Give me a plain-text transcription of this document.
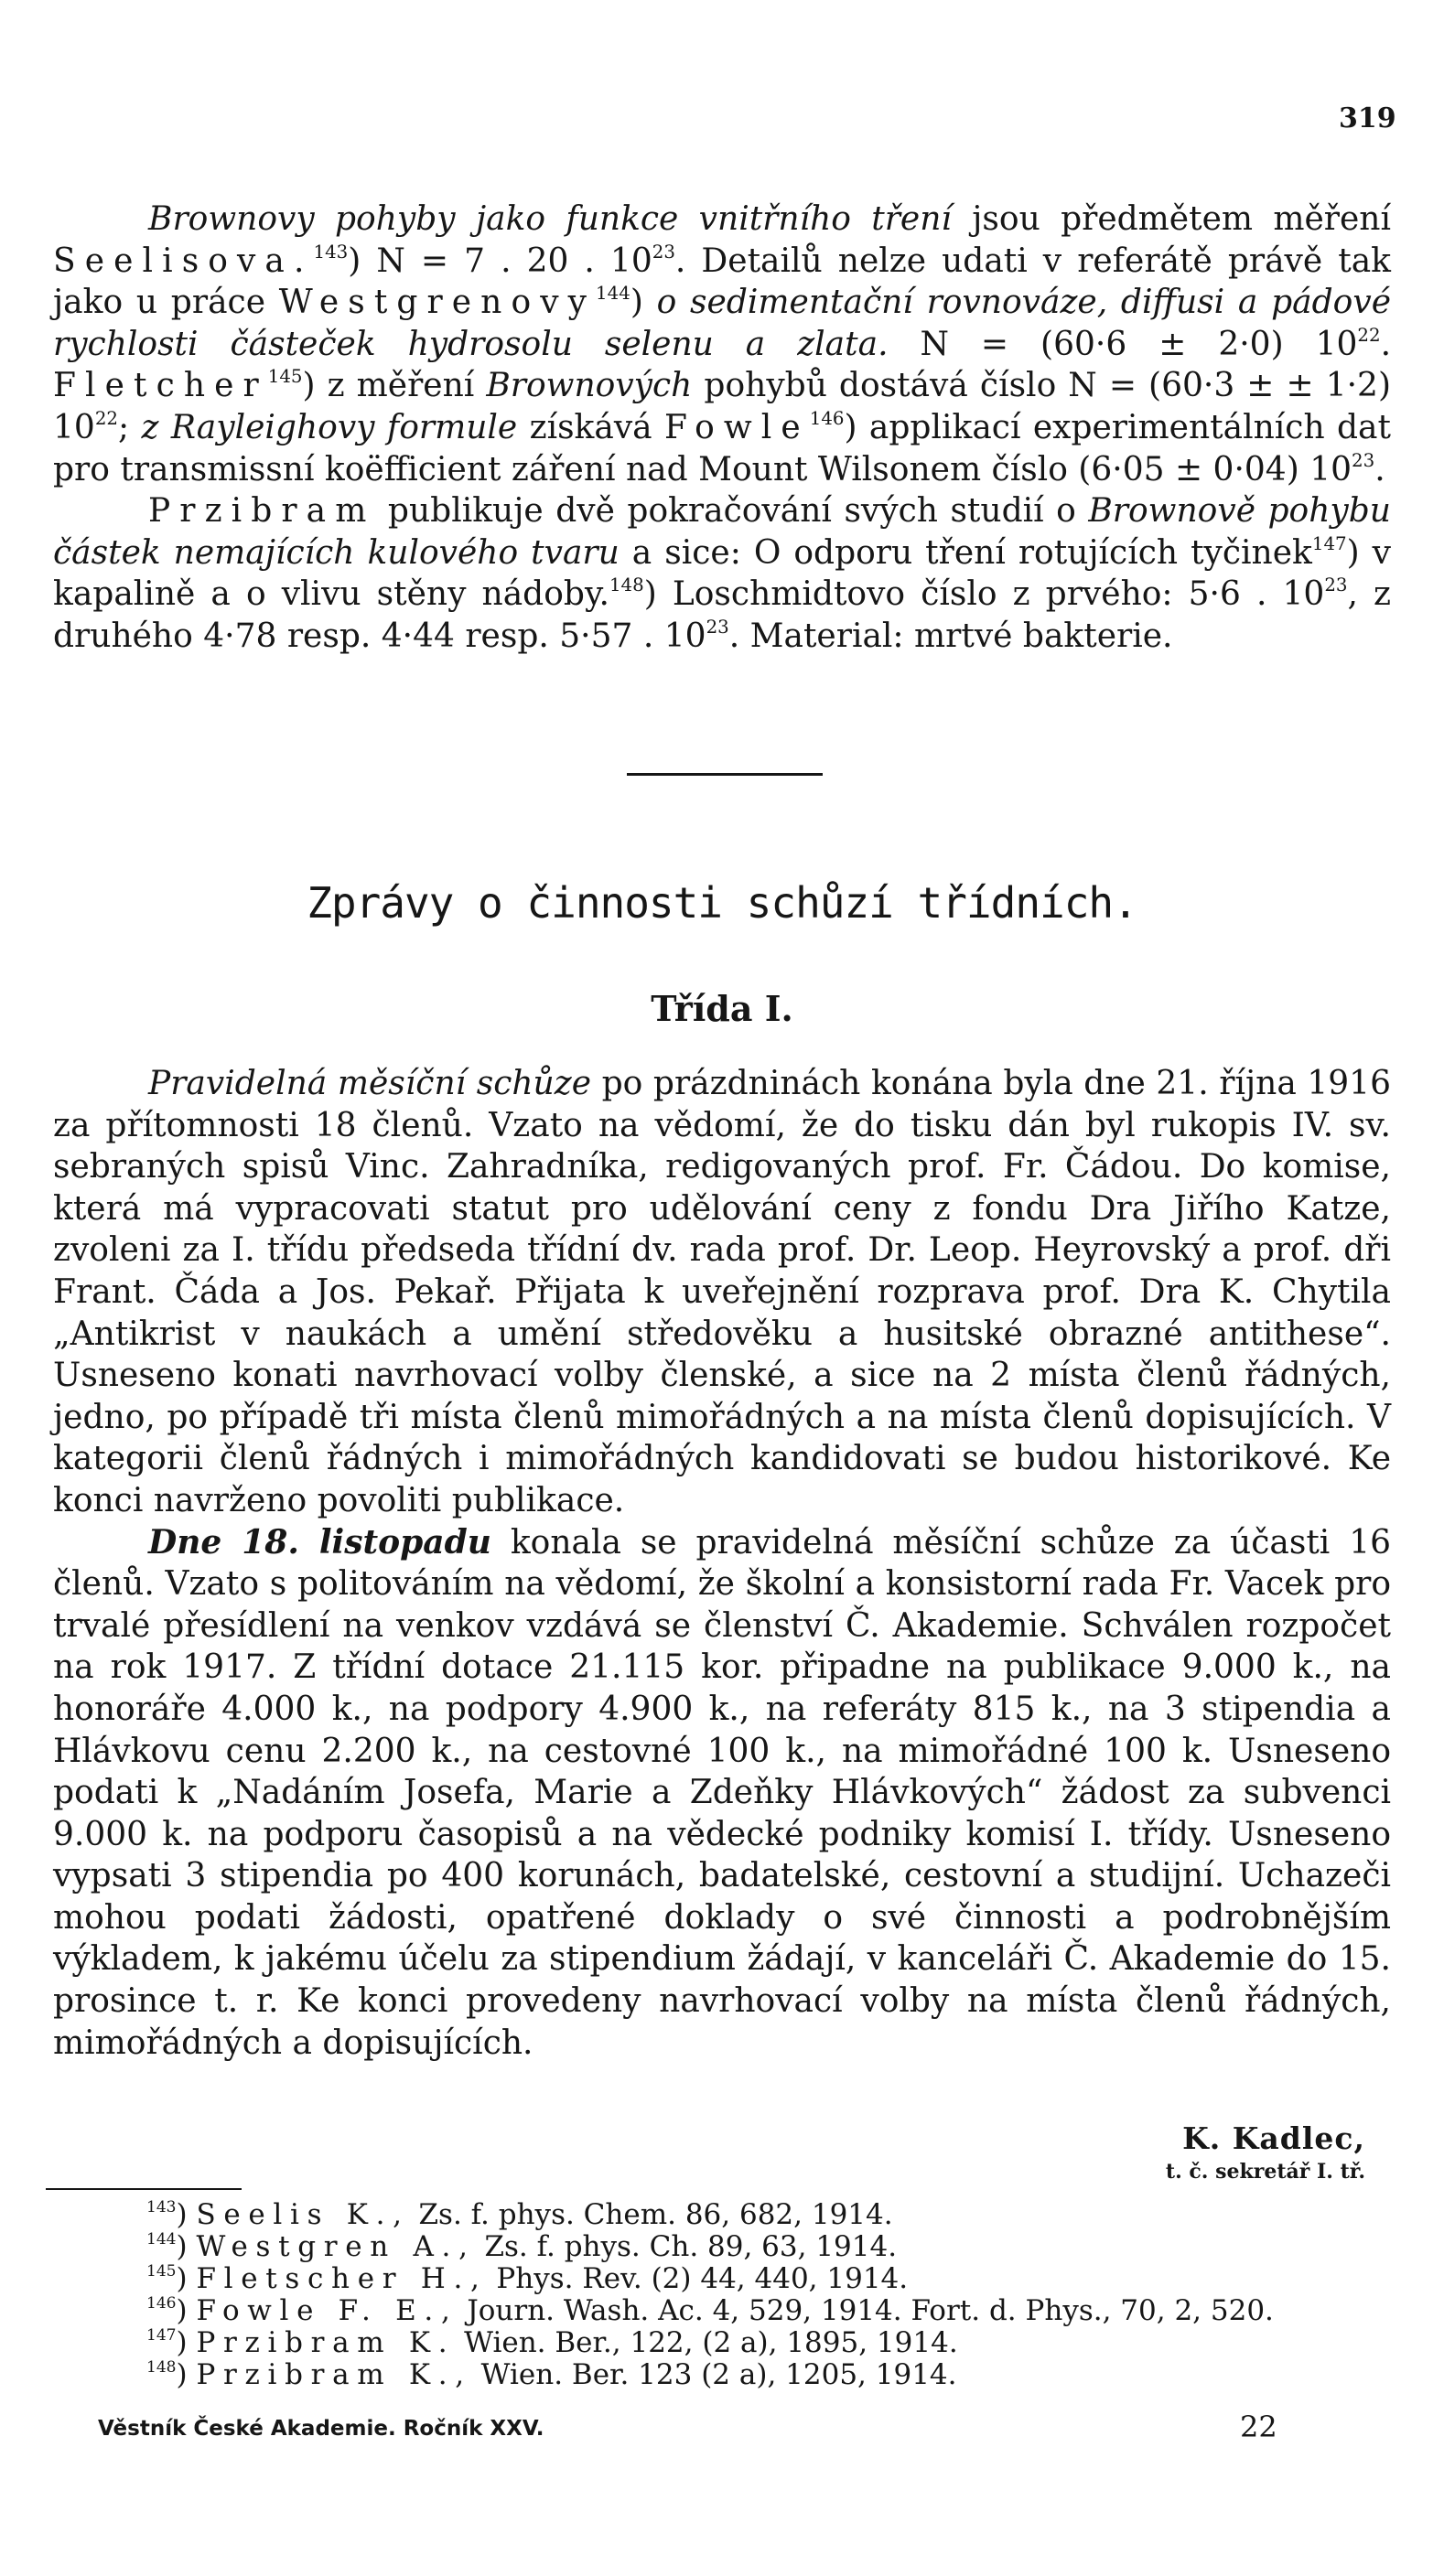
319

Brownovy pohyby jako funkce vnitřního tření jsou předmětem měření Seelisova.$^{143}$) N = 7 . 20 . $10^{23}$. Detailů nelze udati v referátě právě tak jako u práce Westgrenovy$^{144}$) o sedimentační rovnováze, diffusi a pádové rychlosti částeček hydrosolu selenu a zlata. N = (60·6 ± 2·0) $10^{22}$. Fletcher$^{145}$) z měření Brownových pohybů dostává číslo N = (60·3 ± ± 1·2) $10^{22}$; z Rayleighovy formule získává Fowle$^{146}$) applikací experimentálních dat pro transmissní koëfficient záření nad Mount Wilsonem číslo (6·05 ± 0·04) $10^{23}$.

Przibram publikuje dvě pokračování svých studií o Brownově pohybu částek nemajících kulového tvaru a sice: O odporu tření rotujících tyčinek$^{147}$) v kapalině a o vlivu stěny nádoby.$^{148}$) Loschmidtovo číslo z prvého: 5·6 . $10^{23}$, z druhého 4·78 resp. 4·44 resp. 5·57 . $10^{23}$. Material: mrtvé bakterie.

Zprávy o činnosti schůzí třídních.
Třída I.

Pravidelná měsíční schůze po prázdninách konána byla dne 21. října 1916 za přítomnosti 18 členů. Vzato na vědomí, že do tisku dán byl rukopis IV. sv. sebraných spisů Vinc. Zahradníka, redigovaných prof. Fr. Čádou. Do komise, která má vypracovati statut pro udělování ceny z fondu Dra Jiřího Katze, zvoleni za I. třídu předseda třídní dv. rada prof. Dr. Leop. Heyrovský a prof. dři Frant. Čáda a Jos. Pekař. Přijata k uveřejnění rozprava prof. Dra K. Chytila „Antikrist v naukách a umění středověku a husitské obrazné antithese“. Usneseno konati navrhovací volby členské, a sice na 2 místa členů řádných, jedno, po případě tři místa členů mimořádných a na místa členů dopisujících. V kategorii členů řádných i mimořádných kandidovati se budou historikové. Ke konci navrženo povoliti publikace.

Dne 18. listopadu konala se pravidelná měsíční schůze za účasti 16 členů. Vzato s politováním na vědomí, že školní a konsistorní rada Fr. Vacek pro trvalé přesídlení na venkov vzdává se členství Č. Akademie. Schválen rozpočet na rok 1917. Z třídní dotace 21.115 kor. připadne na publikace 9.000 k., na honoráře 4.000 k., na podpory 4.900 k., na referáty 815 k., na 3 stipendia a Hlávkovu cenu 2.200 k., na cestovné 100 k., na mimořádné 100 k. Usneseno podati k „Nadáním Josefa, Marie a Zdeňky Hlávkových“ žádost za subvenci 9.000 k. na podporu časopisů a na vědecké podniky komisí I. třídy. Usneseno vypsati 3 stipendia po 400 korunách, badatelské, cestovní a studijní. Uchazeči mohou podati žádosti, opatřené doklady o své činnosti a podrobnějším výkladem, k jakému účelu za stipendium žádají, v kanceláři Č. Akademie do 15. prosince t. r. Ke konci provedeny navrhovací volby na místa členů řádných, mimořádných a dopisujících.

K. Kadlec,
t. č. sekretář I. tř.
$^{143}$) Seelis K., Zs. f. phys. Chem. 86, 682, 1914.
$^{144}$) Westgren A., Zs. f. phys. Ch. 89, 63, 1914.
$^{145}$) Fletscher H., Phys. Rev. (2) 44, 440, 1914.
$^{146}$) Fowle F. E., Journ. Wash. Ac. 4, 529, 1914. Fort. d. Phys., 70, 2, 520.
$^{147}$) Przibram K. Wien. Ber., 122, (2 a), 1895, 1914.
$^{148}$) Przibram K., Wien. Ber. 123 (2 a), 1205, 1914.
Věstník České Akademie. Ročník XXV.	22
